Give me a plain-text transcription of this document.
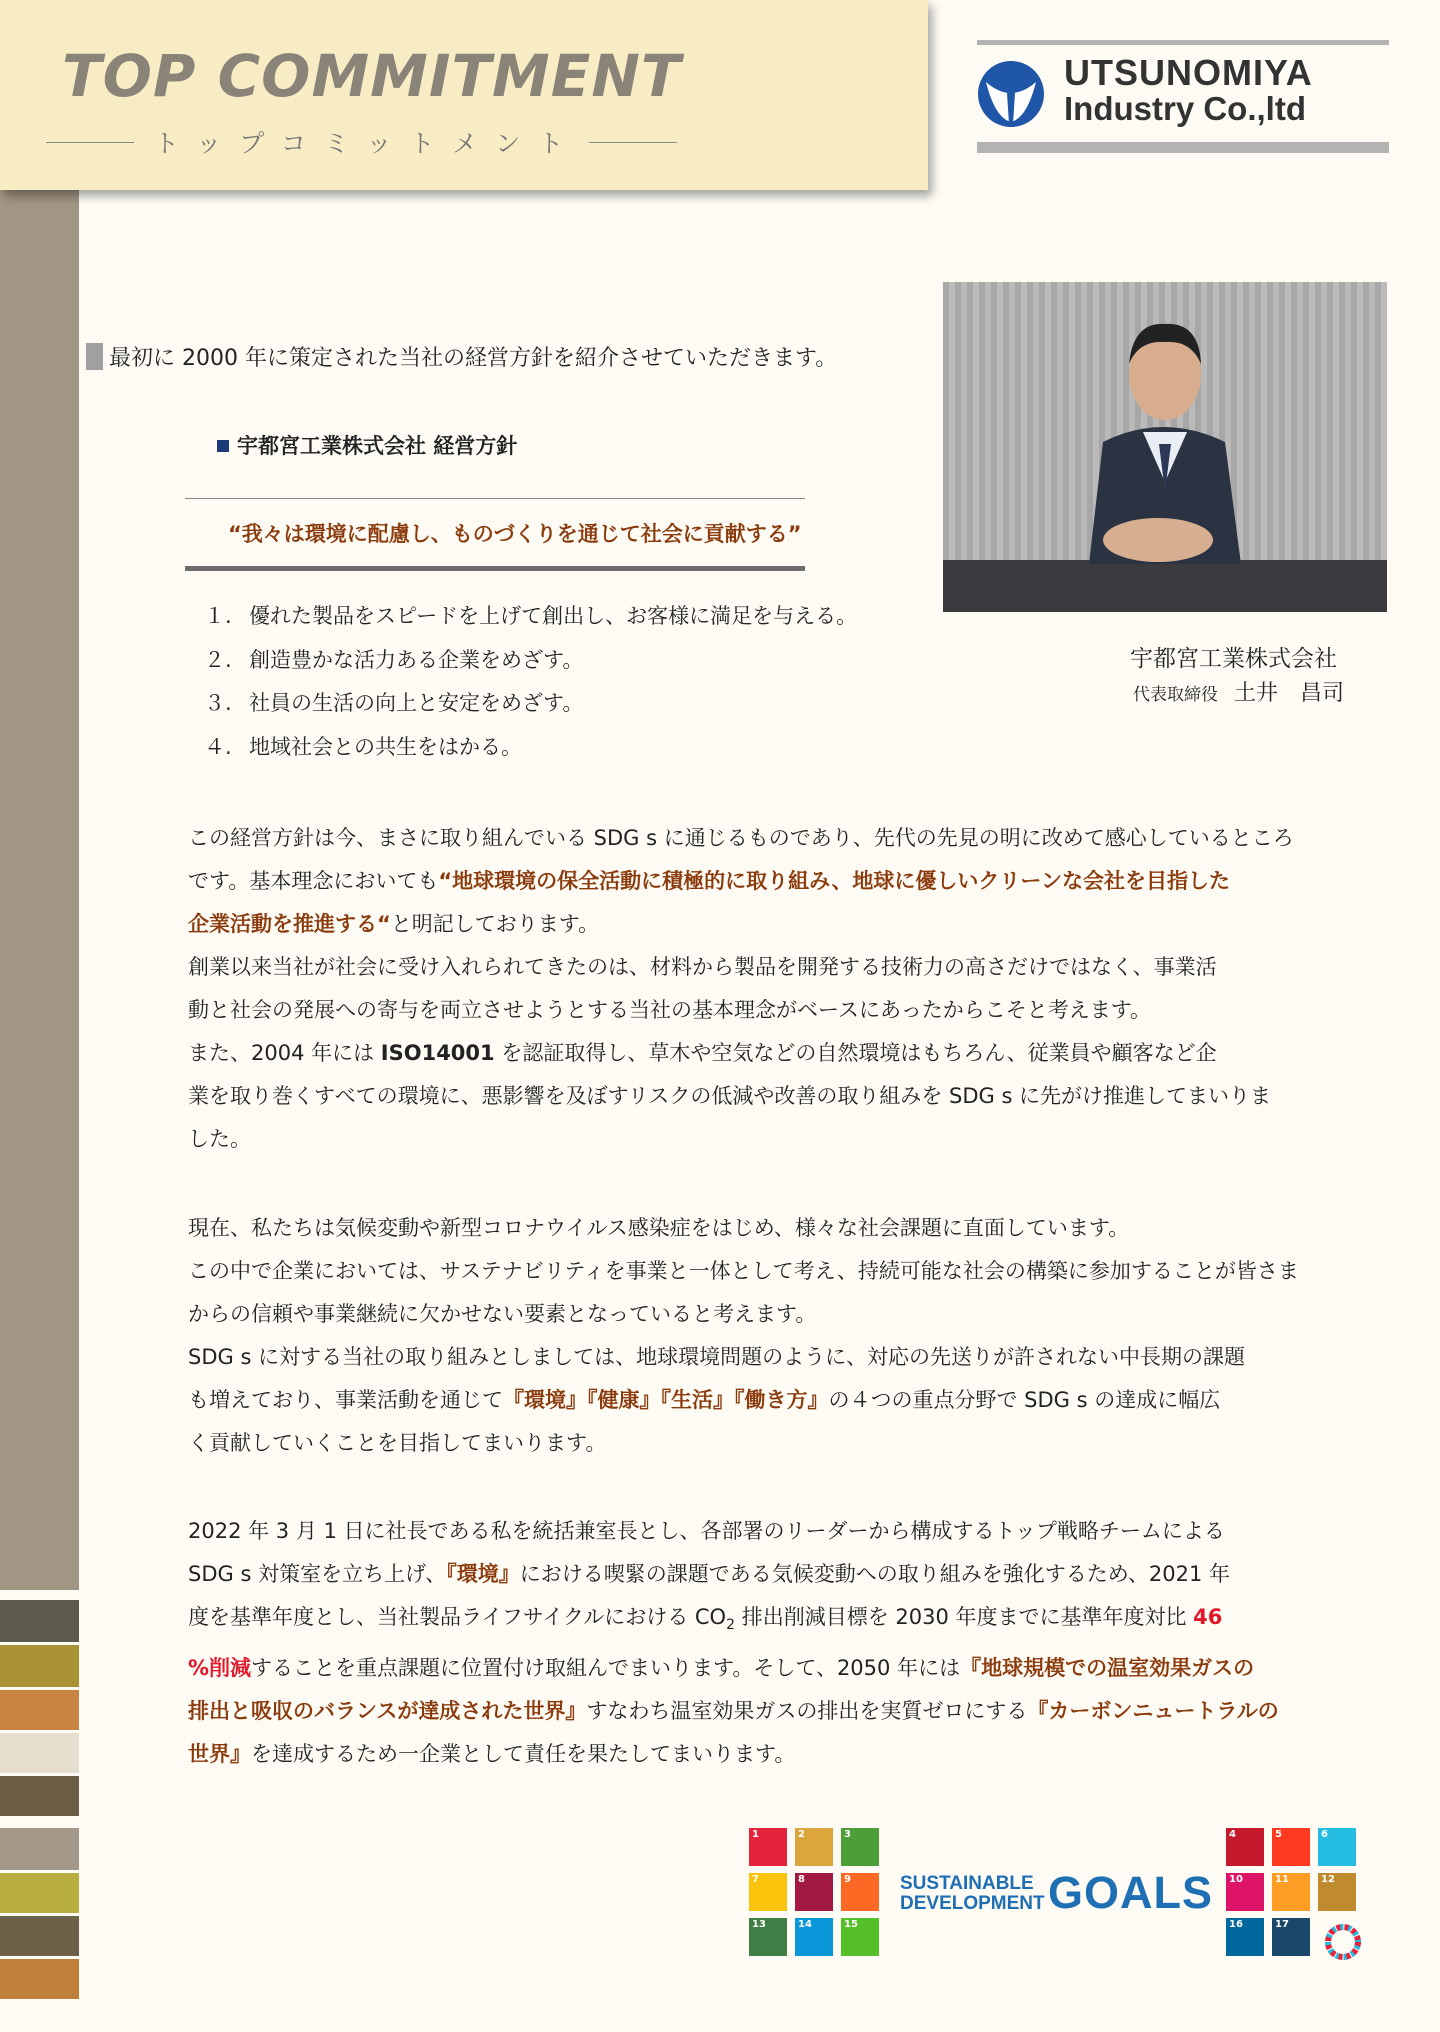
TOP COMMITMENT
トップコミットメント
UTSUNOMIYA
Industry Co.,ltd
宇都宮工業株式会社
代表取締役 土井　昌司
最初に 2000 年に策定された当社の経営方針を紹介させていただきます。
宇都宮工業株式会社 経営方針
“我々は環境に配慮し、ものづくりを通じて社会に貢献する”
１. 優れた製品をスピードを上げて創出し、お客様に満足を与える。
２. 創造豊かな活力ある企業をめざす。
３. 社員の生活の向上と安定をめざす。
４. 地域社会との共生をはかる。

この経営方針は今、まさに取り組んでいる SDG s に通じるものであり、先代の先見の明に改めて感心しているところ

です。基本理念においても“地球環境の保全活動に積極的に取り組み、地球に優しいクリーンな会社を目指した

企業活動を推進する“と明記しております。

創業以来当社が社会に受け入れられてきたのは、材料から製品を開発する技術力の高さだけではなく、事業活

動と社会の発展への寄与を両立させようとする当社の基本理念がベースにあったからこそと考えます。

また、2004 年には ISO14001 を認証取得し、草木や空気などの自然環境はもちろん、従業員や顧客など企

業を取り巻くすべての環境に、悪影響を及ぼすリスクの低減や改善の取り組みを SDG s に先がけ推進してまいりま

した。

現在、私たちは気候変動や新型コロナウイルス感染症をはじめ、様々な社会課題に直面しています。

この中で企業においては、サステナビリティを事業と一体として考え、持続可能な社会の構築に参加することが皆さま

からの信頼や事業継続に欠かせない要素となっていると考えます。

SDG s に対する当社の取り組みとしましては、地球環境問題のように、対応の先送りが許されない中長期の課題

も増えており、事業活動を通じて『環境』『健康』『生活』『働き方』の４つの重点分野で SDG s の達成に幅広

く貢献していくことを目指してまいります。

2022 年 3 月 1 日に社長である私を統括兼室長とし、各部署のリーダーから構成するトップ戦略チームによる

SDG s 対策室を立ち上げ、『環境』における喫緊の課題である気候変動への取り組みを強化するため、2021 年

度を基準年度とし、当社製品ライフサイクルにおける $CO_2$ 排出削減目標を 2030 年度までに基準年度対比 46

%削減することを重点課題に位置付け取組んでまいります。そして、2050 年には『地球規模での温室効果ガスの

排出と吸収のバランスが達成された世界』すなわち温室効果ガスの排出を実質ゼロにする『カーボンニュートラルの

世界』を達成するため一企業として責任を果たしてまいります。

1	2	3
7	8	9
13	14	15
4	5	6
10	11	12
16	17
SUSTAINABLE
DEVELOPMENT GOALS
